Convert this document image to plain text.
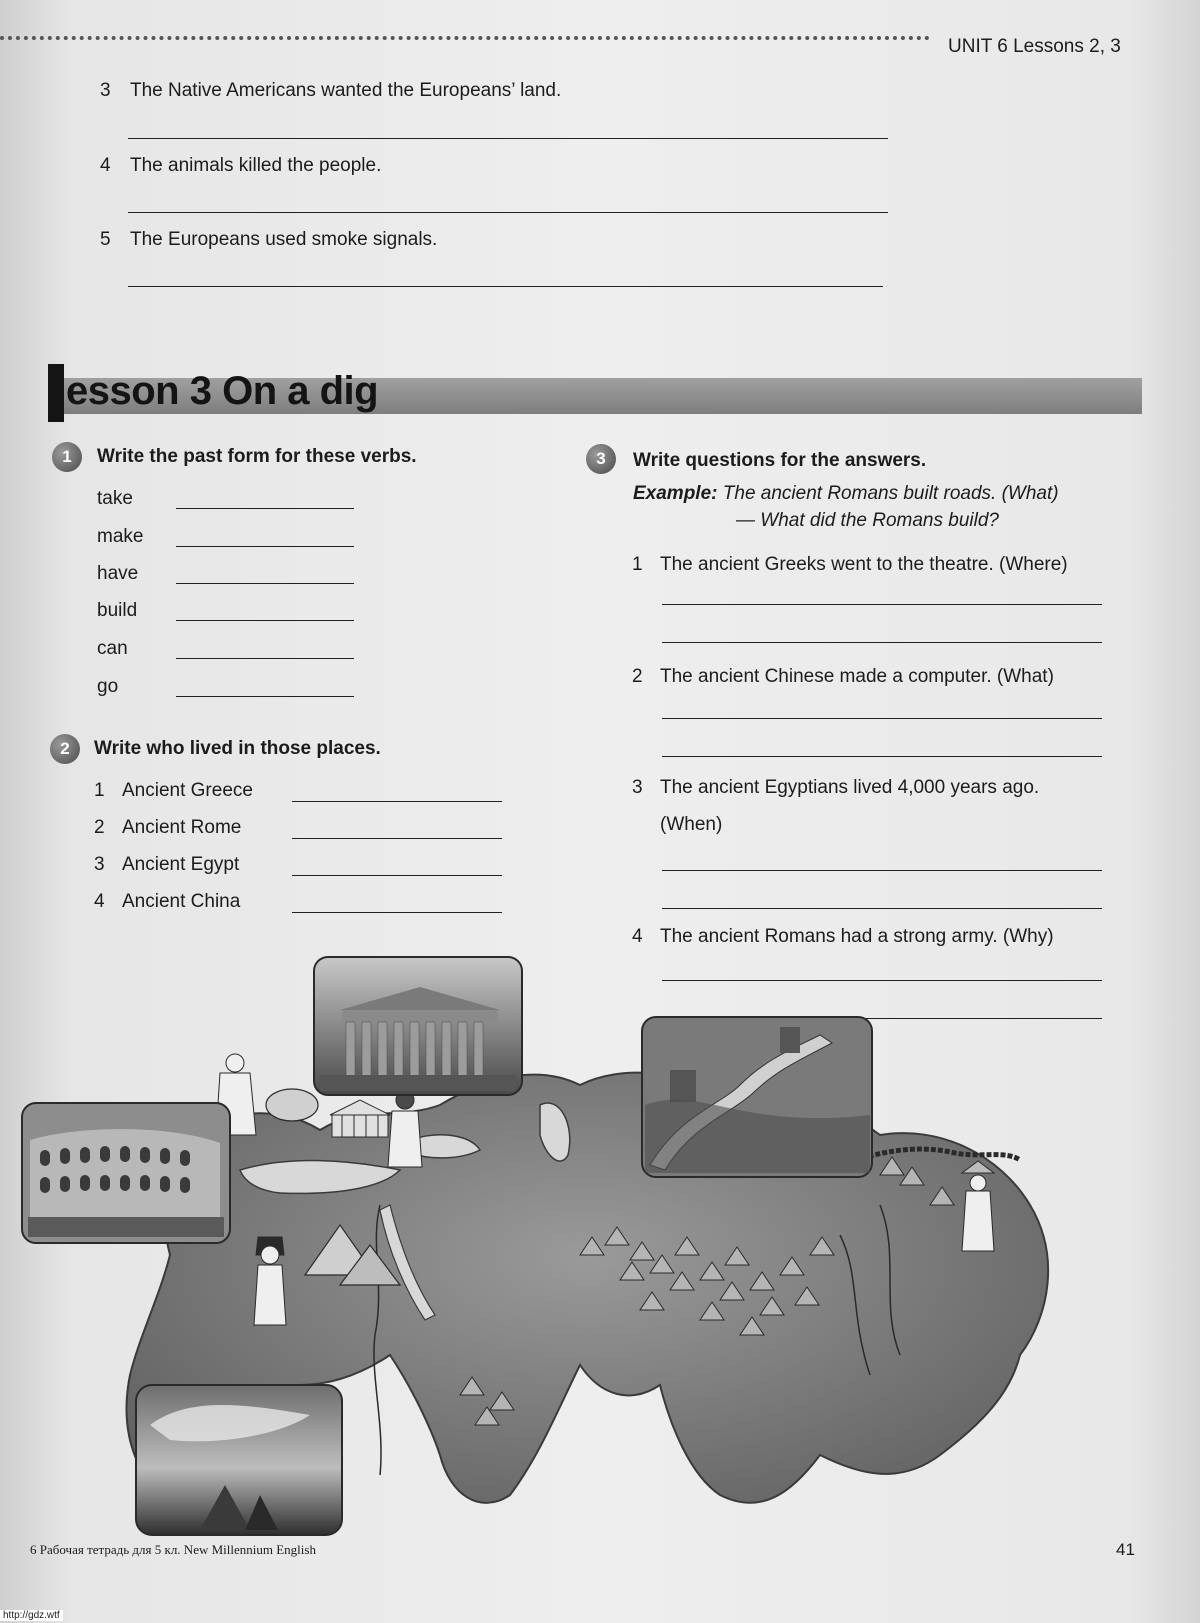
UNIT 6 Lessons 2, 3
3 The Native Americans wanted the Europeans’ land.
4 The animals killed the people.
5 The Europeans used smoke signals.
esson 3 On a dig
1	Write the past form for these verbs.
take
make
have
build
can
go
2	Write who lived in those places.
1 Ancient Greece
2 Ancient Rome
3 Ancient Egypt
4 Ancient China
3	Write questions for the answers.
Example: The ancient Romans built roads. (What)
— What did the Romans build?
1 The ancient Greeks went to the theatre. (Where)
2 The ancient Chinese made a computer. (What)
3 The ancient Egyptians lived 4,000 years ago.
(When)
4 The ancient Romans had a strong army. (Why)
6 Рабочая тетрадь для 5 кл. New Millennium English	41
http://gdz.wtf
